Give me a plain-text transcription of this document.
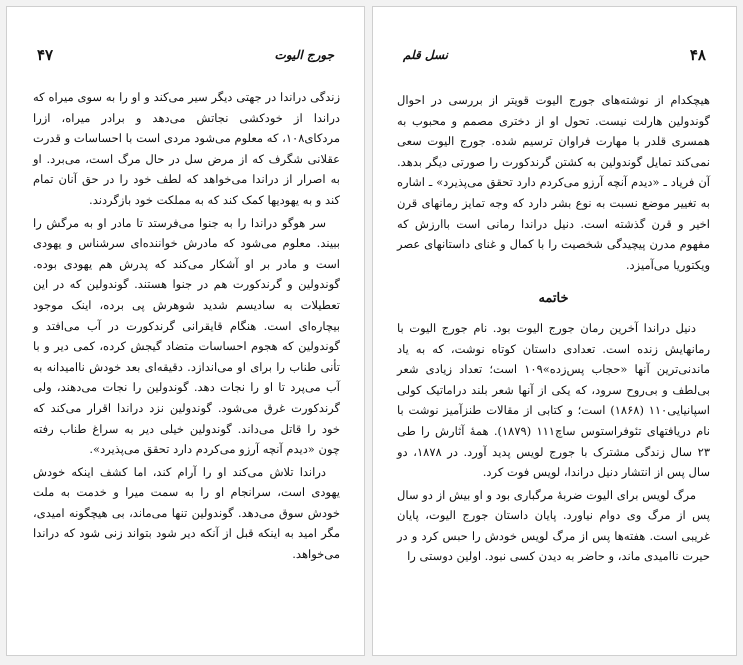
۴۷	جورج الیوت

زندگی دراندا در جهتی دیگر سیر می‌کند و او را به سوی میراه که دراندا از خودکشی نجاتش می‌دهد و برادر میراه، ازرا مردکای۱۰۸، که معلوم می‌شود مردی است با احساسات و قدرت عقلانی شگرف که از مرض سل در حال مرگ است، می‌برد. او به اصرار از دراندا می‌خواهد که لطف خود را در حق آنان تمام کند و به یهودیها کمک کند که به مملکت خود بازگردند.

سر هوگو دراندا را به جنوا می‌فرستد تا مادر او به مرگش را ببیند. معلوم می‌شود که مادرش خواننده‌ای سرشناس و یهودی است و مادر بر او آشکار می‌کند که پدرش هم یهودی بوده. گوندولین و گرندکورت هم در جنوا هستند. گوندولین که در این تعطیلات به سادیسم شدید شوهرش پی برده، اینک موجود بیچاره‌ای است. هنگام قایقرانی گرندکورت در آب می‌افتد و گوندولین که هجوم احساسات متضاد گیجش کرده، کمی دیر و با تأنی طناب را برای او می‌اندازد. دقیقه‌ای بعد خودش ناامیدانه به آب می‌پرد تا او را نجات دهد. گوندولین را نجات می‌دهند، ولی گرندکورت غرق می‌شود. گوندولین نزد دراندا اقرار می‌کند که خود را قاتل می‌داند. گوندولین خیلی دیر به سراغ طناب رفته چون «دیدم آنچه آرزو می‌کردم دارد تحقق می‌پذیرد».

دراندا تلاش می‌کند او را آرام کند، اما کشف اینکه خودش یهودی است، سرانجام او را به سمت میرا و خدمت به ملت خودش سوق می‌دهد. گوندولین تنها می‌ماند، بی هیچگونه امیدی، مگر امید به اینکه قبل از آنکه دیر شود بتواند زنی شود که دراندا می‌خواهد.

۴۸
نسل قلم

هیچکدام از نوشته‌های جورج الیوت قویتر از بررسی در احوال گوندولین هارلت نیست. تحول او از دختری مصمم و محبوب به همسری قلدر با مهارت فراوان ترسیم شده. جورج الیوت سعی نمی‌کند تمایل گوندولین به کشتن گرندکورت را صورتی دیگر بدهد. آن فریاد ـ «دیدم آنچه آرزو می‌کردم دارد تحقق می‌پذیرد» ـ اشاره به تغییر موضع نسبت به نوع بشر دارد که وجه تمایز رمانهای قرن اخیر و قرن گذشته است. دنیل دراندا رمانی است باارزش که مفهوم مدرن پیچیدگی شخصیت را با کمال و غنای داستانهای عصر ویکتوریا می‌آمیزد.

خاتمه

دنیل دراندا آخرین رمان جورج الیوت بود. نام جورج الیوت با رمانهایش زنده است. تعدادی داستان کوتاه نوشت، که به یاد ماندنی‌ترین آنها «حجاب پس‌زده»۱۰۹ است؛ تعداد زیادی شعر بی‌لطف و بی‌روح سرود، که یکی از آنها شعر بلند دراماتیک کولی اسپانیایی۱۱۰ (۱۸۶۸) است؛ و کتابی از مقالات طنزآمیز نوشت با نام دریافتهای تئوفراستوس ساچ۱۱۱ (۱۸۷۹). همهٔ آثارش را طی ۲۳ سال زندگی مشترک با جورج لویس پدید آورد. در ۱۸۷۸، دو سال پس از انتشار دنیل دراندا، لویس فوت کرد.

مرگ لویس برای الیوت ضربهٔ مرگباری بود و او بیش از دو سال پس از مرگ وی دوام نیاورد. پایان داستان جورج الیوت، پایان غریبی است. هفته‌ها پس از مرگ لویس خودش را حبس کرد و در حیرت ناامیدی ماند، و حاضر به دیدن کسی نبود. اولین دوستی را
